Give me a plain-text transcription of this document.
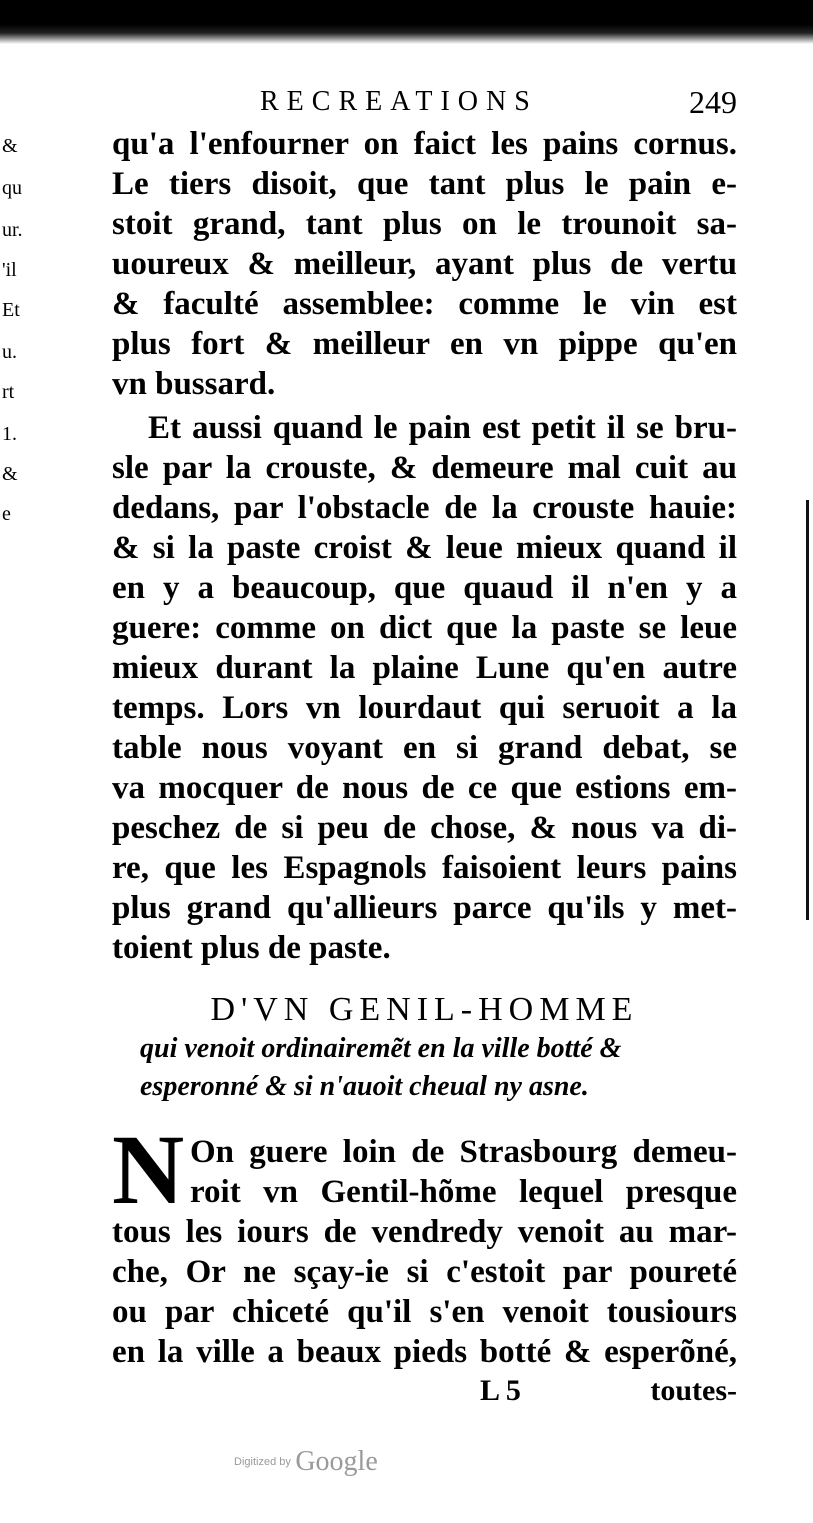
&
qu
ur.
'il
Et
u.
rt
1.
&
e
RECREATIONS	249
qu'a l'enfourner on faict les pains cornus.
Le tiers disoit, que tant plus le pain e-
stoit grand, tant plus on le trounoit sa-
uoureux & meilleur, ayant plus de vertu
& faculté assemblee: comme le vin est
plus fort & meilleur en vn pippe qu'en
vn bussard.
Et aussi quand le pain est petit il se bru-
sle par la crouste, & demeure mal cuit au
dedans, par l'obstacle de la crouste hauie:
& si la paste croist & leue mieux quand il
en y a beaucoup, que quaud il n'en y a
guere: comme on dict que la paste se leue
mieux durant la plaine Lune qu'en autre
temps. Lors vn lourdaut qui seruoit a la
table nous voyant en si grand debat, se
va mocquer de nous de ce que estions em-
peschez de si peu de chose, & nous va di-
re, que les Espagnols faisoient leurs pains
plus grand qu'allieurs parce qu'ils y met-
toient plus de paste.
D'VN GENIL-HOMME
qui venoit ordinairemẽt en la ville botté &
esperonné & si n'auoit cheual ny asne.
N On guere loin de Strasbourg demeu-
roit vn Gentil-hõme lequel presque
tous les iours de vendredy venoit au mar-
che, Or ne sçay-ie si c'estoit par poureté
ou par chiceté qu'il s'en venoit tousiours
en la ville a beaux pieds botté & esperõné,
L 5	toutes-
Digitized by Google
